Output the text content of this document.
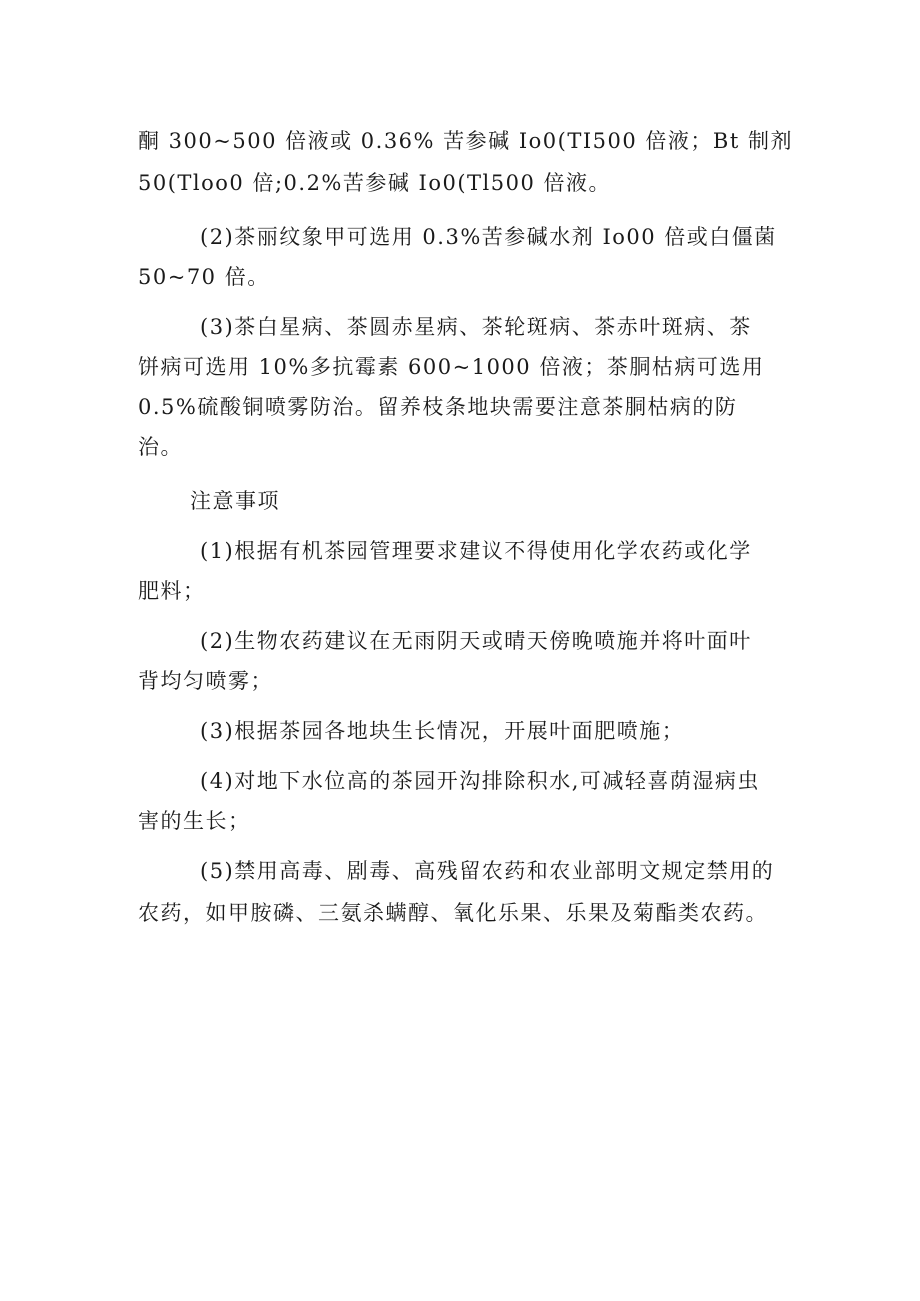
酮 300~500 倍液或 0.36% 苦参碱 Io0(TI500 倍液；Bt 制剂

50(Tloo0 倍;0.2%苦参碱 Io0(Tl500 倍液。

(2)茶丽纹象甲可选用 0.3%苦参碱水剂 Io00 倍或白僵菌

50~70 倍。

(3)茶白星病、茶圆赤星病、茶轮斑病、茶赤叶斑病、茶

饼病可选用 10%多抗霉素 600~1000 倍液；茶胴枯病可选用

0.5%硫酸铜喷雾防治。留养枝条地块需要注意茶胴枯病的防

治。

注意事项

(1)根据有机茶园管理要求建议不得使用化学农药或化学

肥料；

(2)生物农药建议在无雨阴天或晴天傍晚喷施并将叶面叶

背均匀喷雾；

(3)根据茶园各地块生长情况，开展叶面肥喷施；

(4)对地下水位高的茶园开沟排除积水,可减轻喜荫湿病虫

害的生长；

(5)禁用高毒、剧毒、高残留农药和农业部明文规定禁用的

农药，如甲胺磷、三氨杀螨醇、氧化乐果、乐果及菊酯类农药。
